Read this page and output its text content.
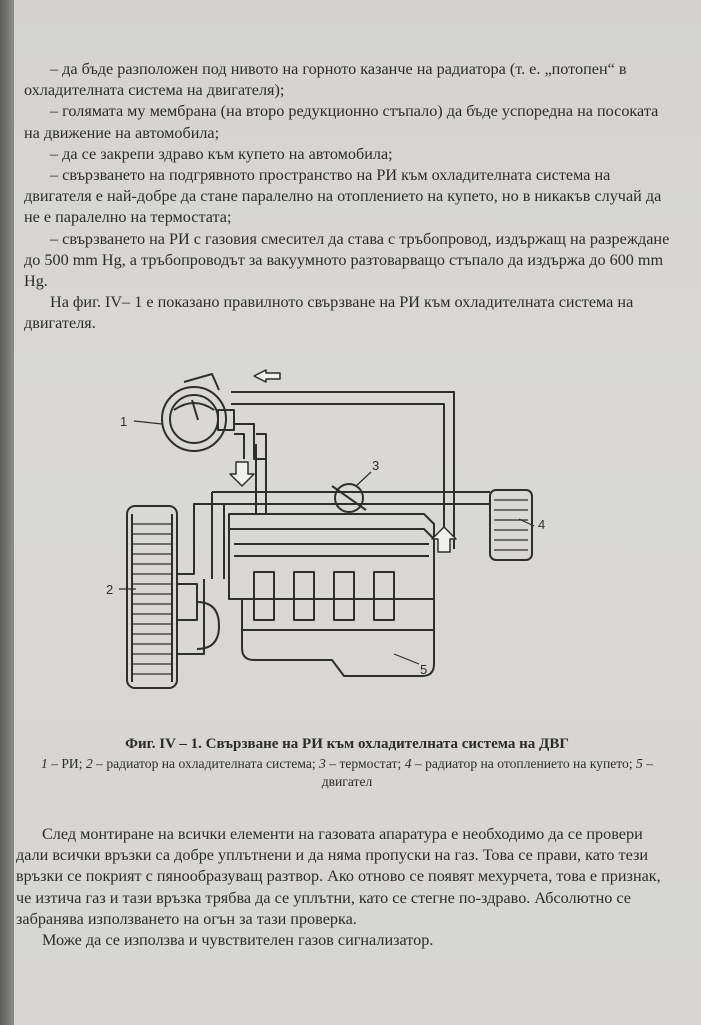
– да бъде разположен под нивото на горното казанче на радиатора (т. е. „потопен“ в охладителната система на двигателя);

– голямата му мембрана (на второ редукционно стъпало) да бъде успоредна на посоката на движение на автомобила;

– да се закрепи здраво към купето на автомобила;

– свързването на подгрявното пространство на РИ към охладителната система на двигателя е най-добре да стане паралелно на отоплението на купето, но в никакъв случай да не е паралелно на термостата;

– свързването на РИ с газовия смесител да става с тръбопровод, издържащ на разреждане до 500 mm Hg, а тръбопроводът за вакуумното разтоварващо стъпало да издържа до 600 mm Hg.

На фиг. IV– 1 е показано правилното свързване на РИ към охладителната система на двигателя.

1
3
4
2
5
Фиг. IV – 1. Свързване на РИ към охладителната система на ДВГ
1 – РИ; 2 – радиатор на охладителната система; 3 – термостат; 4 – радиатор на отоплението на купето; 5 – двигател

След монтиране на всички елементи на газовата апаратура е необходимо да се провери дали всички връзки са добре уплътнени и да няма пропуски на газ. Това се прави, като тези връзки се покрият с пянообразуващ разтвор. Ако отново се появят мехурчета, това е признак, че изтича газ и тази връзка трябва да се уплътни, като се стегне по-здраво. Абсолютно се забранява използването на огън за тази проверка.

Може да се използва и чувствителен газов сигнализатор.
